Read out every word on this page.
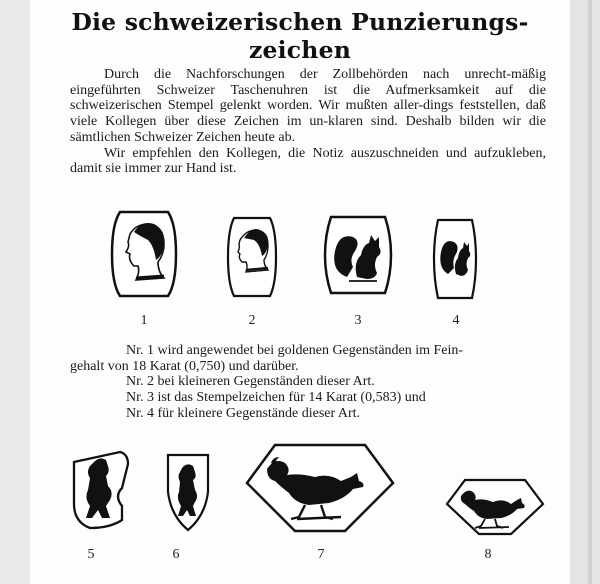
Die schweizerischen Punzierungs-
zeichen

Durch die Nachforschungen der Zollbehörden nach unrecht-mäßig eingeführten Schweizer Taschenuhren ist die Aufmerksamkeit auf die schweizerischen Stempel gelenkt worden. Wir mußten aller-dings feststellen, daß viele Kollegen über diese Zeichen im un-klaren sind. Deshalb bilden wir die sämtlichen Schweizer Zeichen heute ab.

Wir empfehlen den Kollegen, die Notiz auszuschneiden und aufzukleben, damit sie immer zur Hand ist.

1	2	3	4

Nr. 1 wird angewendet bei goldenen Gegenständen im Fein-

gehalt von 18 Karat (0,750) und darüber.

Nr. 2 bei kleineren Gegenständen dieser Art.

Nr. 3 ist das Stempelzeichen für 14 Karat (0,583) und

Nr. 4 für kleinere Gegenstände dieser Art.

5	6	7	8
